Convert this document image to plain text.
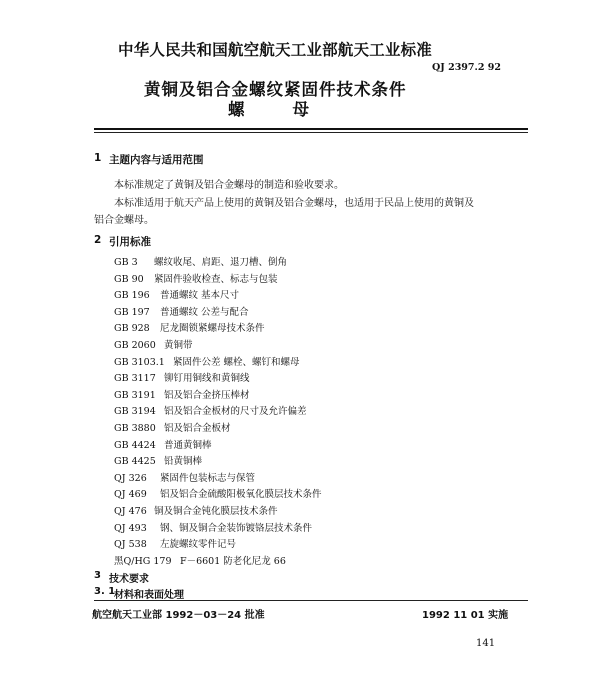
中华人民共和国航空航天工业部航天工业标准
QJ 2397.2 92
黄铜及铝合金螺纹紧固件技术条件
螺	母
1 主题内容与适用范围
本标准规定了黄铜及铝合金螺母的制造和验收要求。
本标准适用于航天产品上使用的黄铜及铝合金螺母，也适用于民品上使用的黄铜及
铝合金螺母。
2 引用标准
GB 3 螺纹收尾、肩距、退刀槽、倒角
GB 90 紧固件验收检查、标志与包装
GB 196 普通螺纹 基本尺寸
GB 197 普通螺纹 公差与配合
GB 928 尼龙圈锁紧螺母技术条件
GB 2060 黄铜带
GB 3103.1 紧固件公差 螺栓、螺钉和螺母
GB 3117 铆钉用铜线和黄铜线
GB 3191 铝及铝合金挤压棒材
GB 3194 铝及铝合金板材的尺寸及允许偏差
GB 3880 铝及铝合金板材
GB 4424 普通黄铜棒
GB 4425 铅黄铜棒
QJ 326 紧固件包装标志与保管
QJ 469 铝及铝合金硫酸阳极氧化膜层技术条件
QJ 476 铜及铜合金钝化膜层技术条件
QJ 493 钢、铜及铜合金装饰镀铬层技术条件
QJ 538 左旋螺纹零件记号
黑Q/HG 179 F－6601 防老化尼龙 66
航空航天工业部 1992－03－24 批准	1992 11 01 实施
141
3 技术要求
3. 1
材料和表面处理
